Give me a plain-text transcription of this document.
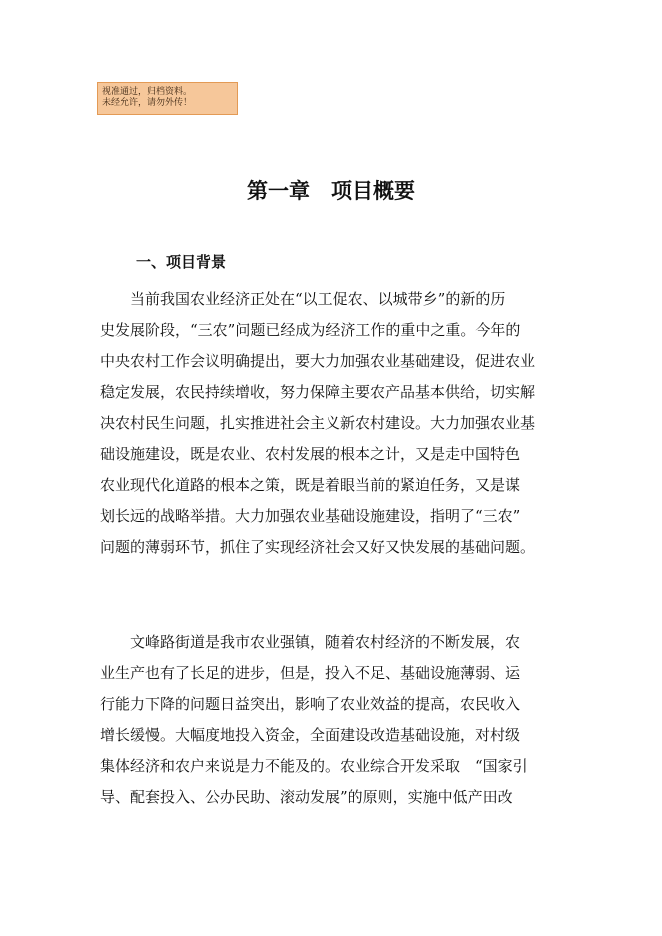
视准通过，归档资料。
未经允许，请勿外传！
第一章　项目概要
一、项目背景
　　当前我国农业经济正处在“以工促农、以城带乡”的新的历
史发展阶段，“三农”问题已经成为经济工作的重中之重。今年的
中央农村工作会议明确提出，要大力加强农业基础建设，促进农业
稳定发展，农民持续增收，努力保障主要农产品基本供给，切实解
决农村民生问题，扎实推进社会主义新农村建设。大力加强农业基
础设施建设，既是农业、农村发展的根本之计，又是走中国特色
农业现代化道路的根本之策，既是着眼当前的紧迫任务，又是谋
划长远的战略举措。大力加强农业基础设施建设，指明了“三农”
问题的薄弱环节，抓住了实现经济社会又好又快发展的基础问题。
　　文峰路街道是我市农业强镇，随着农村经济的不断发展，农
业生产也有了长足的进步，但是，投入不足、基础设施薄弱、运
行能力下降的问题日益突出，影响了农业效益的提高，农民收入
增长缓慢。大幅度地投入资金，全面建设改造基础设施，对村级
集体经济和农户来说是力不能及的。农业综合开发采取　“国家引
导、配套投入、公办民助、滚动发展”的原则，实施中低产田改
